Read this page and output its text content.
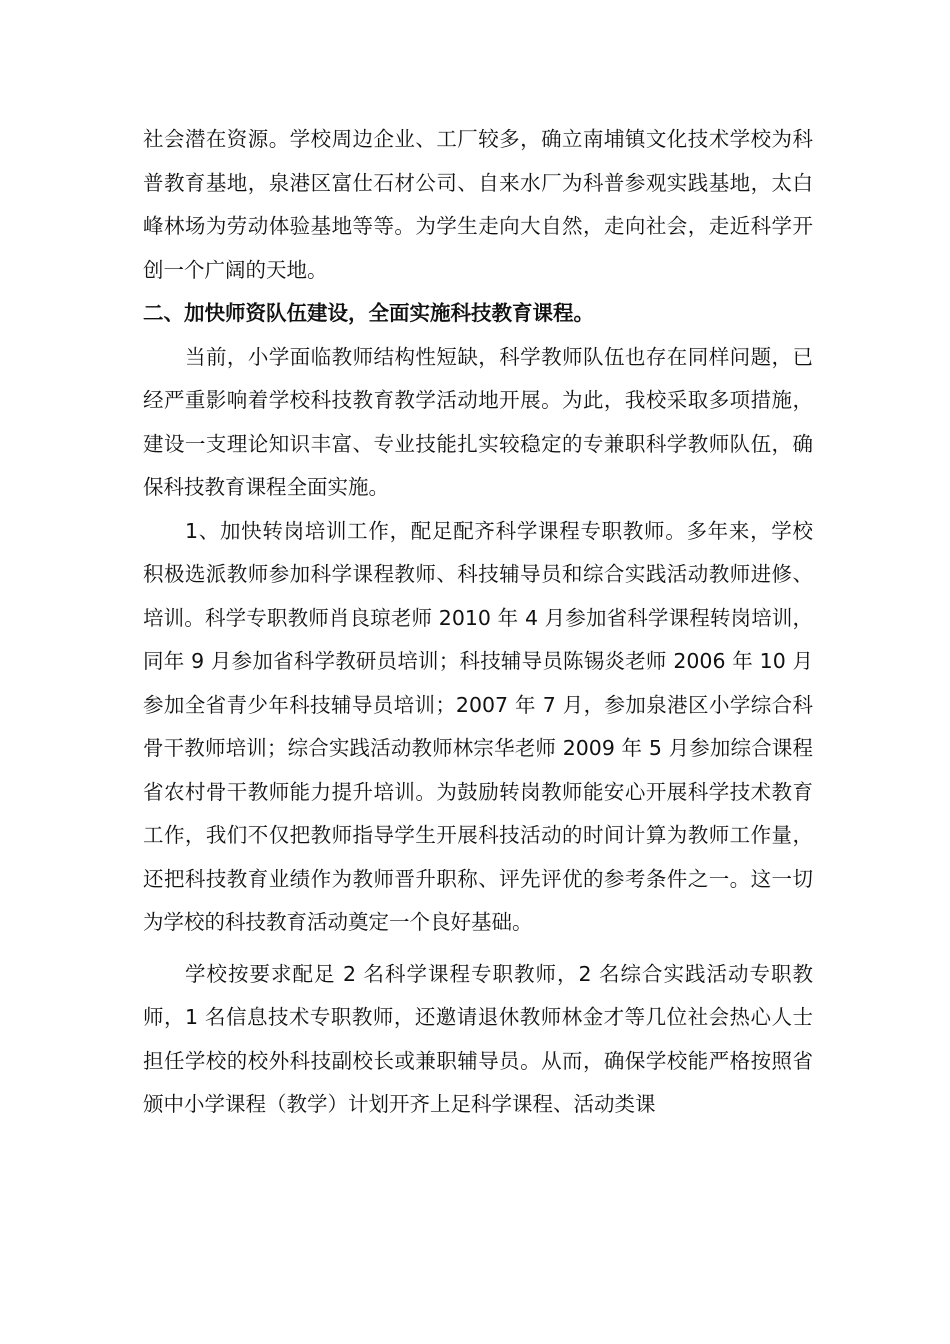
社会潜在资源。学校周边企业、工厂较多，确立南埔镇文化技术学校为科普教育基地，泉港区富仕石材公司、自来水厂为科普参观实践基地，太白峰林场为劳动体验基地等等。为学生走向大自然，走向社会，走近科学开创一个广阔的天地。

二、加快师资队伍建设，全面实施科技教育课程。

当前，小学面临教师结构性短缺，科学教师队伍也存在同样问题，已经严重影响着学校科技教育教学活动地开展。为此，我校采取多项措施，建设一支理论知识丰富、专业技能扎实较稳定的专兼职科学教师队伍，确保科技教育课程全面实施。

1、加快转岗培训工作，配足配齐科学课程专职教师。多年来，学校积极选派教师参加科学课程教师、科技辅导员和综合实践活动教师进修、培训。科学专职教师肖良琼老师 2010 年 4 月参加省科学课程转岗培训，同年 9 月参加省科学教研员培训；科技辅导员陈锡炎老师 2006 年 10 月参加全省青少年科技辅导员培训；2007 年 7 月，参加泉港区小学综合科骨干教师培训；综合实践活动教师林宗华老师 2009 年 5 月参加综合课程省农村骨干教师能力提升培训。为鼓励转岗教师能安心开展科学技术教育工作，我们不仅把教师指导学生开展科技活动的时间计算为教师工作量，还把科技教育业绩作为教师晋升职称、评先评优的参考条件之一。这一切为学校的科技教育活动奠定一个良好基础。

学校按要求配足 2 名科学课程专职教师，2 名综合实践活动专职教师，1 名信息技术专职教师，还邀请退休教师林金才等几位社会热心人士担任学校的校外科技副校长或兼职辅导员。从而，确保学校能严格按照省颁中小学课程（教学）计划开齐上足科学课程、活动类课
